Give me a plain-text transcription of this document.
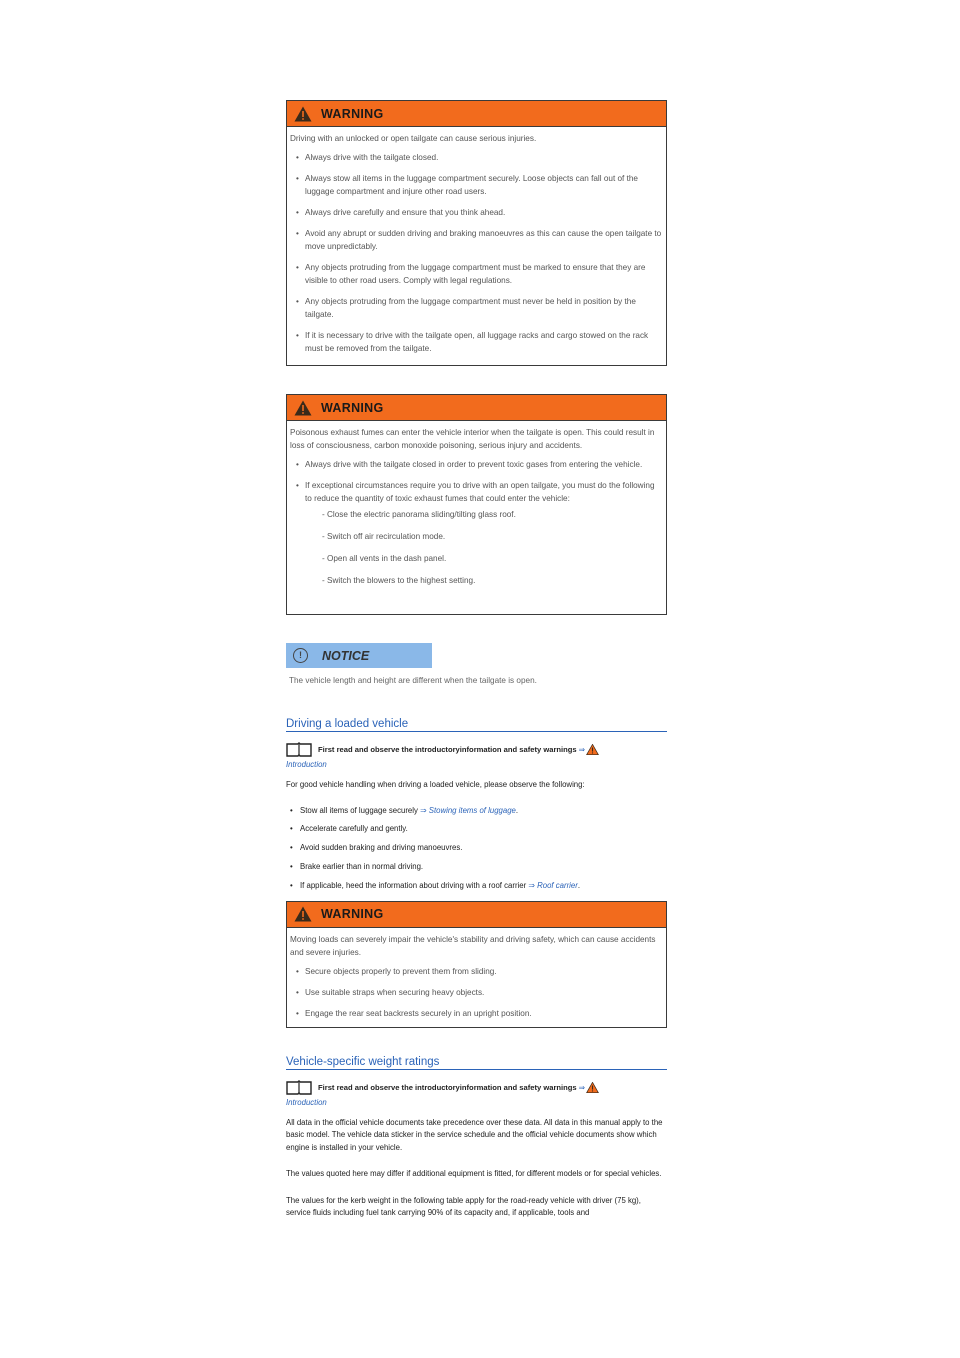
WARNING

Driving with an unlocked or open tailgate can cause serious injuries.

• Always drive with the tailgate closed.
• Always stow all items in the luggage compartment securely. Loose objects can fall out of the luggage compartment and injure other road users.
• Always drive carefully and ensure that you think ahead.
• Avoid any abrupt or sudden driving and braking manoeuvres as this can cause the open tailgate to move unpredictably.
• Any objects protruding from the luggage compartment must be marked to ensure that they are visible to other road users. Comply with legal regulations.
• Any objects protruding from the luggage compartment must never be held in position by the tailgate.
• If it is necessary to drive with the tailgate open, all luggage racks and cargo stowed on the rack must be removed from the tailgate.
WARNING

Poisonous exhaust fumes can enter the vehicle interior when the tailgate is open. This could result in loss of consciousness, carbon monoxide poisoning, serious injury and accidents.

• Always drive with the tailgate closed in order to prevent toxic gases from entering the vehicle.
• If exceptional circumstances require you to drive with an open tailgate, you must do the following to reduce the quantity of toxic exhaust fumes that could enter the vehicle:
- Close the electric panorama sliding/tilting glass roof.
- Switch off air recirculation mode.
- Open all vents in the dash panel.
- Switch the blowers to the highest setting.
!	NOTICE
The vehicle length and height are different when the tailgate is open.
Driving a loaded vehicle
First read and observe the introductoryinformation and safety warnings ⇒
Introduction

For good vehicle handling when driving a loaded vehicle, please observe the following:

• Stow all items of luggage securely ⇒ Stowing items of luggage.
• Accelerate carefully and gently.
• Avoid sudden braking and driving manoeuvres.
• Brake earlier than in normal driving.
• If applicable, heed the information about driving with a roof carrier ⇒ Roof carrier.
WARNING

Moving loads can severely impair the vehicle's stability and driving safety, which can cause accidents and severe injuries.

• Secure objects properly to prevent them from sliding.
• Use suitable straps when securing heavy objects.
• Engage the rear seat backrests securely in an upright position.
Vehicle-specific weight ratings
First read and observe the introductoryinformation and safety warnings ⇒
Introduction

All data in the official vehicle documents take precedence over these data. All data in this manual apply to the basic model. The vehicle data sticker in the service schedule and the official vehicle documents show which engine is installed in your vehicle.

The values quoted here may differ if additional equipment is fitted, for different models or for special vehicles.

The values for the kerb weight in the following table apply for the road-ready vehicle with driver (75 kg), service fluids including fuel tank carrying 90% of its capacity and, if applicable, tools and
